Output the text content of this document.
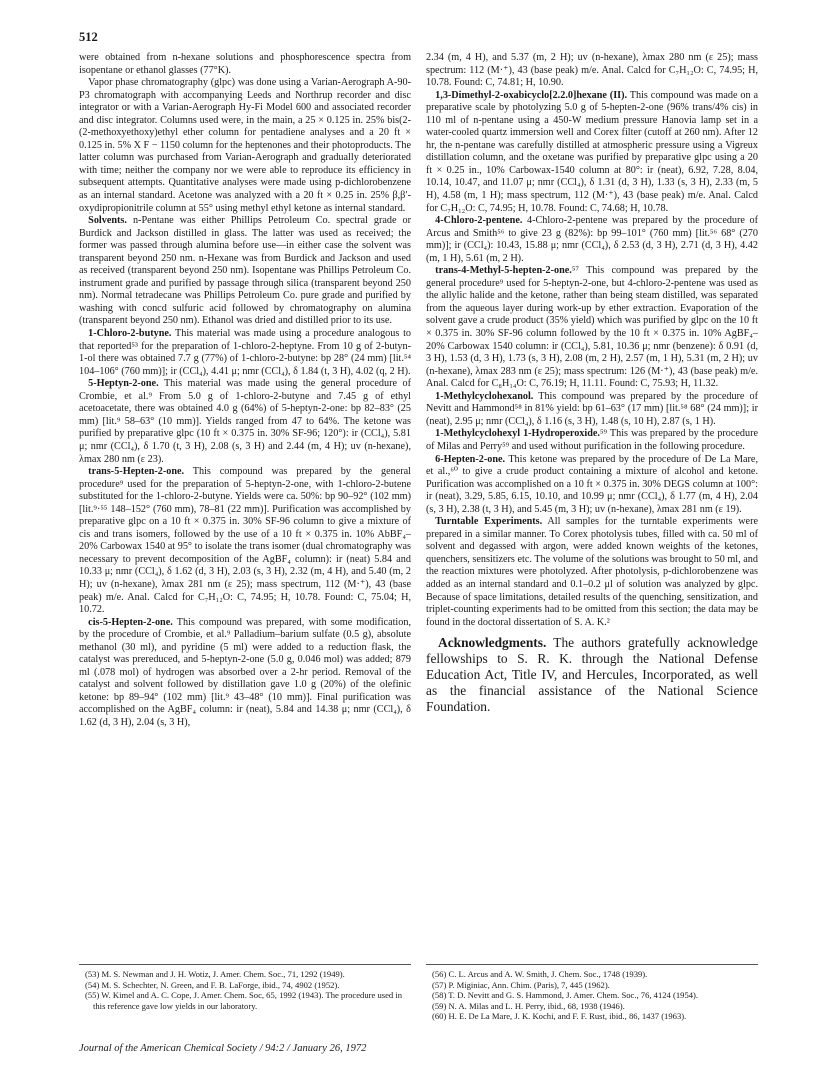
512

were obtained from n-hexane solutions and phosphorescence spectra from isopentane or ethanol glasses (77°K).

Vapor phase chromatography (glpc) was done using a Varian-Aerograph A-90-P3 chromatograph with accompanying Leeds and Northrup recorder and disc integrator or with a Varian-Aerograph Hy-Fi Model 600 and associated recorder and disc integrator. Columns used were, in the main, a 25 × 0.125 in. 25% bis(2-(2-methoxyethoxy)ethyl ether column for pentadiene analyses and a 20 ft × 0.125 in. 5% X F − 1150 column for the heptenones and their photoproducts. The latter column was purchased from Varian-Aerograph and gradually deteriorated with time; neither the company nor we were able to reproduce its efficiency in subsequent attempts. Quantitative analyses were made using p-dichlorobenzene as an internal standard. Acetone was analyzed with a 20 ft × 0.25 in. 25% β,β′-oxydipropionitrile column at 55° using methyl ethyl ketone as internal standard.

Solvents. n-Pentane was either Phillips Petroleum Co. spectral grade or Burdick and Jackson distilled in glass. The latter was used as received; the former was passed through alumina before use—in either case the solvent was transparent beyond 250 nm. n-Hexane was from Burdick and Jackson and used as received (transparent beyond 250 nm). Isopentane was Phillips Petroleum Co. instrument grade and purified by passage through silica (transparent beyond 250 nm). Normal tetradecane was Phillips Petroleum Co. pure grade and purified by washing with concd sulfuric acid followed by chromatography on alumina (transparent beyond 250 nm). Ethanol was dried and distilled prior to its use.

1-Chloro-2-butyne. This material was made using a procedure analogous to that reported⁵³ for the preparation of 1-chloro-2-heptyne. From 10 g of 2-butyn-1-ol there was obtained 7.7 g (77%) of 1-chloro-2-butyne: bp 28° (24 mm) [lit.⁵⁴ 104–106° (760 mm)]; ir (CCl₄), 4.41 μ; nmr (CCl₄), δ 1.84 (t, 3 H), 4.02 (q, 2 H).

5-Heptyn-2-one. This material was made using the general procedure of Crombie, et al.⁹ From 5.0 g of 1-chloro-2-butyne and 7.45 g of ethyl acetoacetate, there was obtained 4.0 g (64%) of 5-heptyn-2-one: bp 82–83° (25 mm) [lit.⁹ 58–63° (10 mm)]. Yields ranged from 47 to 64%. The ketone was purified by preparative glpc (10 ft × 0.375 in. 30% SF-96; 120°): ir (CCl₄), 5.81 μ; nmr (CCl₄), δ 1.70 (t, 3 H), 2.08 (s, 3 H) and 2.44 (m, 4 H); uv (n-hexane), λmax 280 nm (ε 23).

trans-5-Hepten-2-one. This compound was prepared by the general procedure⁹ used for the preparation of 5-heptyn-2-one, with 1-chloro-2-butene substituted for the 1-chloro-2-butyne. Yields were ca. 50%: bp 90–92° (102 mm) [lit.⁹·⁵⁵ 148–152° (760 mm), 78–81 (22 mm)]. Purification was accomplished by preparative glpc on a 10 ft × 0.375 in. 30% SF-96 column to give a mixture of cis and trans isomers, followed by the use of a 10 ft × 0.375 in. 10% AbBF₄–20% Carbowax 1540 at 95° to isolate the trans isomer (dual chromatography was necessary to prevent decomposition of the AgBF₄ column): ir (neat) 5.84 and 10.33 μ; nmr (CCl₄), δ 1.62 (d, 3 H), 2.03 (s, 3 H), 2.32 (m, 4 H), and 5.40 (m, 2 H); uv (n-hexane), λmax 281 nm (ε 25); mass spectrum, 112 (M·⁺), 43 (base peak) m/e. Anal. Calcd for C₇H₁₂O: C, 74.95; H, 10.78. Found: C, 75.04; H, 10.72.

cis-5-Hepten-2-one. This compound was prepared, with some modification, by the procedure of Crombie, et al.⁹ Palladium–barium sulfate (0.5 g), absolute methanol (30 ml), and pyridine (5 ml) were added to a reduction flask, the catalyst was prereduced, and 5-heptyn-2-one (5.0 g, 0.046 mol) was added; 879 ml (.078 mol) of hydrogen was absorbed over a 2-hr period. Removal of the catalyst and solvent followed by distillation gave 1.0 g (20%) of the olefinic ketone: bp 89–94° (102 mm) [lit.⁹ 43–48° (10 mm)]. Final purification was accomplished on the AgBF₄ column: ir (neat), 5.84 and 14.38 μ; nmr (CCl₄), δ 1.62 (d, 3 H), 2.04 (s, 3 H),

2.34 (m, 4 H), and 5.37 (m, 2 H); uv (n-hexane), λmax 280 nm (ε 25); mass spectrum: 112 (M·⁺), 43 (base peak) m/e. Anal. Calcd for C₇H₁₂O: C, 74.95; H, 10.78. Found: C, 74.81; H, 10.90.

1,3-Dimethyl-2-oxabicyclo[2.2.0]hexane (II). This compound was made on a preparative scale by photolyzing 5.0 g of 5-hepten-2-one (96% trans/4% cis) in 110 ml of n-pentane using a 450-W medium pressure Hanovia lamp set in a water-cooled quartz immersion well and Corex filter (cutoff at 260 nm). After 12 hr, the n-pentane was carefully distilled at atmospheric pressure using a Vigreux distillation column, and the oxetane was purified by preparative glpc using a 20 ft × 0.25 in., 10% Carbowax-1540 column at 80°: ir (neat), 6.92, 7.28, 8.04, 10.14, 10.47, and 11.07 μ; nmr (CCl₄), δ 1.31 (d, 3 H), 1.33 (s, 3 H), 2.33 (m, 5 H), 4.58 (m, 1 H); mass spectrum, 112 (M·⁺), 43 (base peak) m/e. Anal. Calcd for C₇H₁₂O: C, 74.95; H, 10.78. Found: C, 74.68; H, 10.78.

4-Chloro-2-pentene. 4-Chloro-2-pentene was prepared by the procedure of Arcus and Smith⁵⁶ to give 23 g (82%): bp 99–101° (760 mm) [lit.⁵⁶ 68° (270 mm)]; ir (CCl₄): 10.43, 15.88 μ; nmr (CCl₄), δ 2.53 (d, 3 H), 2.71 (d, 3 H), 4.42 (m, 1 H), 5.61 (m, 2 H).

trans-4-Methyl-5-hepten-2-one.⁵⁷ This compound was prepared by the general procedure⁹ used for 5-heptyn-2-one, but 4-chloro-2-pentene was used as the allylic halide and the ketone, rather than being steam distilled, was separated from the aqueous layer during work-up by ether extraction. Evaporation of the solvent gave a crude product (35% yield) which was purified by glpc on the 10 ft × 0.375 in. 30% SF-96 column followed by the 10 ft × 0.375 in. 10% AgBF₄–20% Carbowax 1540 column: ir (CCl₄), 5.81, 10.36 μ; nmr (benzene): δ 0.91 (d, 3 H), 1.53 (d, 3 H), 1.73 (s, 3 H), 2.08 (m, 2 H), 2.57 (m, 1 H), 5.31 (m, 2 H); uv (n-hexane), λmax 283 nm (ε 25); mass spectrum: 126 (M·⁺), 43 (base peak) m/e. Anal. Calcd for C₈H₁₄O: C, 76.19; H, 11.11. Found: C, 75.93; H, 11.32.

1-Methylcyclohexanol. This compound was prepared by the procedure of Nevitt and Hammond⁵⁸ in 81% yield: bp 61–63° (17 mm) [lit.⁵⁸ 68° (24 mm)]; ir (neat), 2.95 μ; nmr (CCl₄), δ 1.16 (s, 3 H), 1.48 (s, 10 H), 2.87 (s, 1 H).

1-Methylcyclohexyl 1-Hydroperoxide.⁵⁹ This was prepared by the procedure of Milas and Perry⁵⁹ and used without purification in the following procedure.

6-Hepten-2-one. This ketone was prepared by the procedure of De La Mare, et al.,⁶⁰ to give a crude product containing a mixture of alcohol and ketone. Purification was accomplished on a 10 ft × 0.375 in. 30% DEGS column at 100°: ir (neat), 3.29, 5.85, 6.15, 10.10, and 10.99 μ; nmr (CCl₄), δ 1.77 (m, 4 H), 2.04 (s, 3 H), 2.38 (t, 3 H), and 5.45 (m, 3 H); uv (n-hexane), λmax 281 nm (ε 19).

Turntable Experiments. All samples for the turntable experiments were prepared in a similar manner. To Corex photolysis tubes, filled with ca. 50 ml of solvent and degassed with argon, were added known weights of the ketones, quenchers, sensitizers etc. The volume of the solutions was brought to 50 ml, and the reaction mixtures were photolyzed. After photolysis, p-dichlorobenzene was added as an internal standard and 0.1–0.2 μl of solution was analyzed by glpc. Because of space limitations, detailed results of the quenching, sensitization, and triplet-counting experiments had to be omitted from this section; the data may be found in the doctoral dissertation of S. A. K.²

Acknowledgments. The authors gratefully acknowledge fellowships to S. R. K. through the National Defense Education Act, Title IV, and Hercules, Incorporated, as well as the financial assistance of the National Science Foundation.

(53) M. S. Newman and J. H. Wotiz, J. Amer. Chem. Soc., 71, 1292 (1949).

(54) M. S. Schechter, N. Green, and F. B. LaForge, ibid., 74, 4902 (1952).

(55) W. Kimel and A. C. Cope, J. Amer. Chem. Soc, 65, 1992 (1943). The procedure used in this reference gave low yields in our laboratory.

(56) C. L. Arcus and A. W. Smith, J. Chem. Soc., 1748 (1939).

(57) P. Miginiac, Ann. Chim. (Paris), 7, 445 (1962).

(58) T. D. Nevitt and G. S. Hammond, J. Amer. Chem. Soc., 76, 4124 (1954).

(59) N. A. Milas and L. H. Perry, ibid., 68, 1938 (1946).

(60) H. E. De La Mare, J. K. Kochi, and F. F. Rust, ibid., 86, 1437 (1963).

Journal of the American Chemical Society / 94:2 / January 26, 1972
